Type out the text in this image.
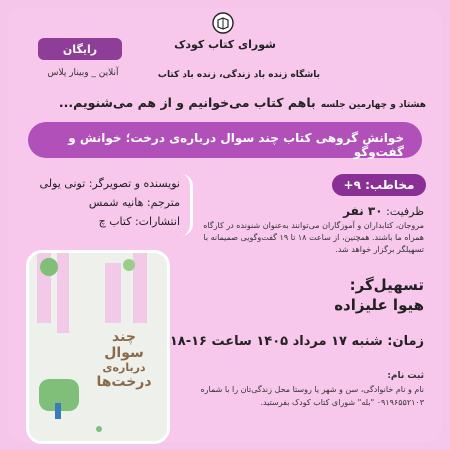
شورای کتاب کودک
رایگان
آنلاین _ وبینار پلاس	باشگاه زنده باد زندگی، زنده باد کتاب
هشتاد و چهارمین جلسه باهم کتاب می‌خوانیم و از هم می‌شنویم...
خوانش گروهی کتاب چند سوال درباره‌ی درخت؛ خوانش و گفت‌وگو
نویسنده و تصویرگر: تونی یولی
مترجم: هانیه شمس
انتشارات: کتاب چ
مخاطب: ۹+
ظرفیت: ۳۰ نفر
مروجان، کتابداران و آموزگاران می‌توانند به‌عنوان شنونده در کارگاه همراه ما باشند. همچنین، از ساعت ۱۸ تا ۱۹ گفت‌وگویی صمیمانه با تسهیلگر برگزار خواهد شد.
چند
سوال
درباره‌ی
درخت‌ها
تسهیل‌گر:
هیوا علیزاده
زمان: شنبه ۱۷ مرداد ۱۴۰۵ ساعت ۱۶-۱۸
ثبت نام:
نام و نام خانوادگی، سن و شهر یا روستا محل زندگی‌تان را با شماره ۰۹۱۹۶۵۵۲۱۰۳ "بله" شورای کتاب کودک بفرستید.
